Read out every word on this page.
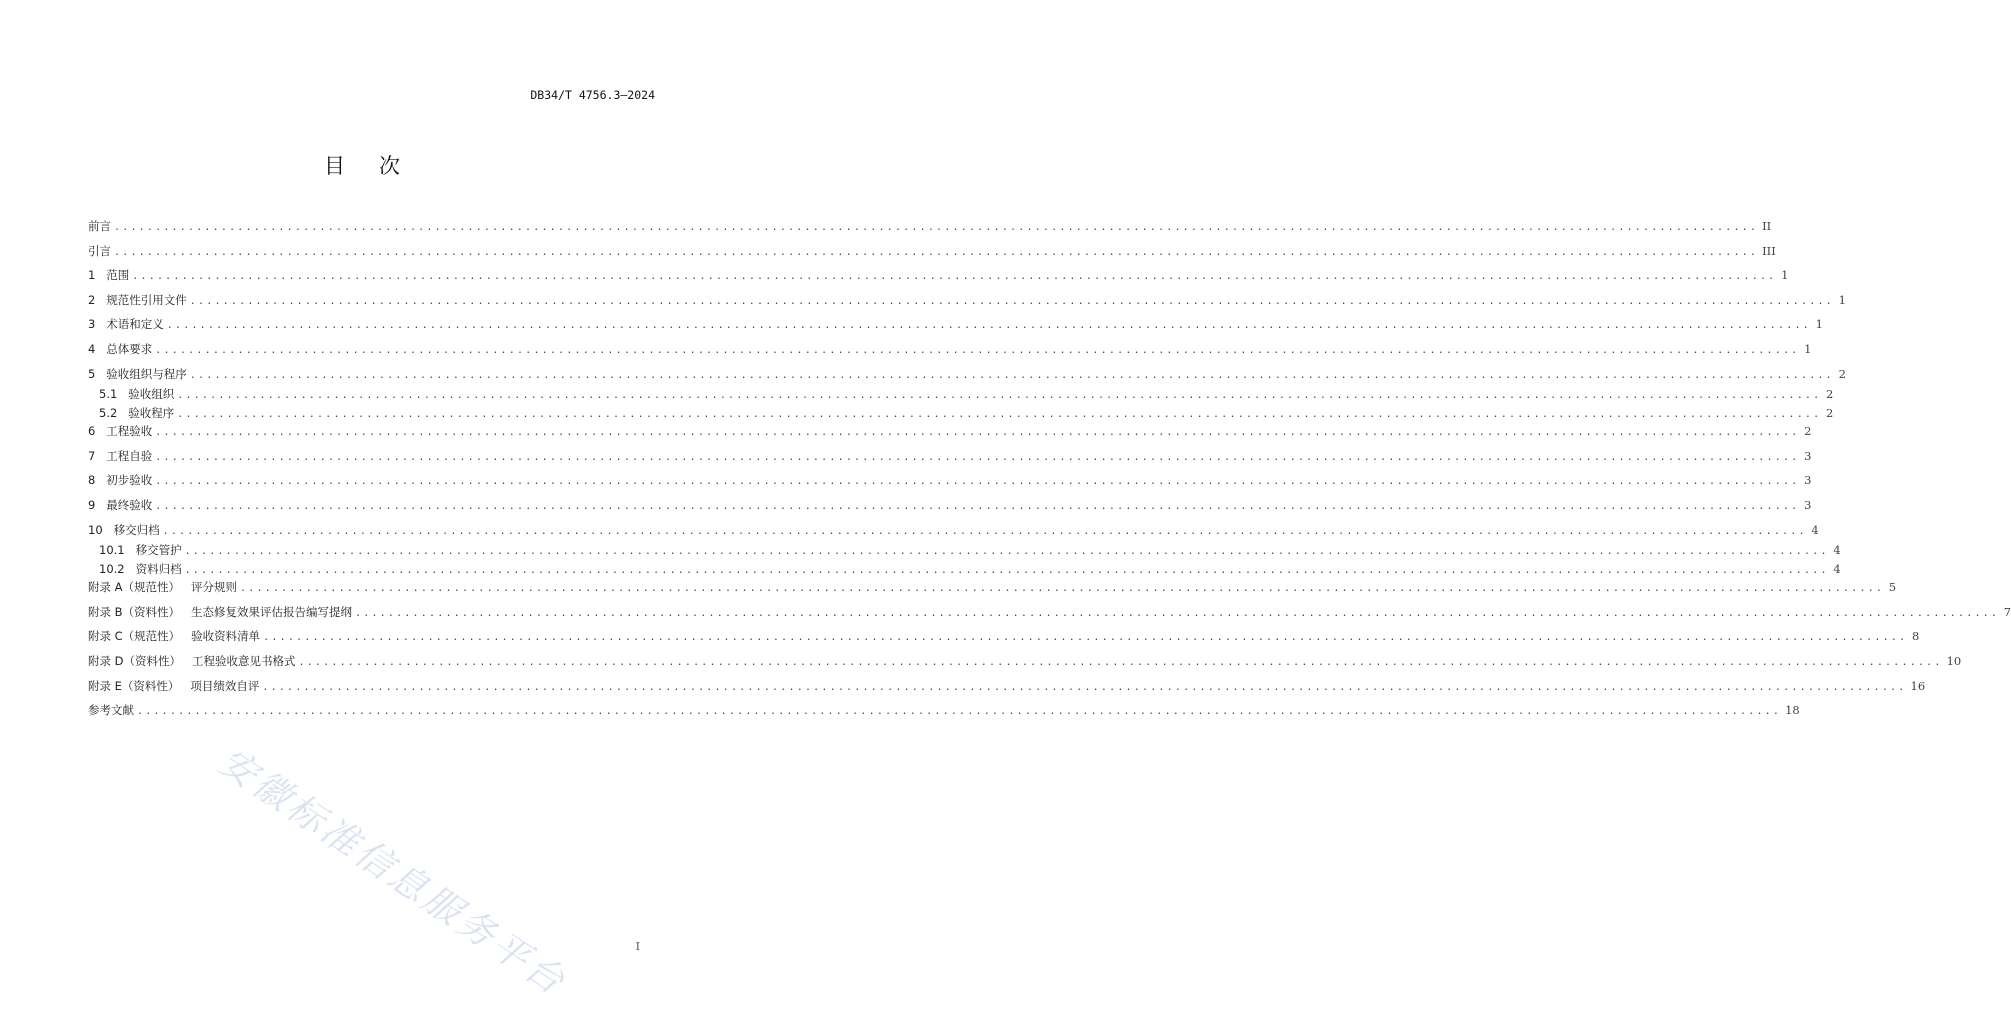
DB34/T 4756.3—2024
目次
前言 ........................................................................................................................................................................................................ II
引言 ........................................................................................................................................................................................................ III
1   范围 ........................................................................................................................................................................................................ 1
2   规范性引用文件 ........................................................................................................................................................................................................ 1
3   术语和定义 ........................................................................................................................................................................................................ 1
4   总体要求 ........................................................................................................................................................................................................ 1
5   验收组织与程序 ........................................................................................................................................................................................................ 2
5.1   验收组织 ........................................................................................................................................................................................................ 2
5.2   验收程序 ........................................................................................................................................................................................................ 2
6   工程验收 ........................................................................................................................................................................................................ 2
7   工程自验 ........................................................................................................................................................................................................ 3
8   初步验收 ........................................................................................................................................................................................................ 3
9   最终验收 ........................................................................................................................................................................................................ 3
10   移交归档 ........................................................................................................................................................................................................ 4
10.1   移交管护 ........................................................................................................................................................................................................ 4
10.2   资料归档 ........................................................................................................................................................................................................ 4
附录 A（规范性）   评分规则 ........................................................................................................................................................................................................ 5
附录 B（资料性）   生态修复效果评估报告编写提纲 ........................................................................................................................................................................................................ 7
附录 C（规范性）   验收资料清单 ........................................................................................................................................................................................................ 8
附录 D（资料性）   工程验收意见书格式 ........................................................................................................................................................................................................ 10
附录 E（资料性）   项目绩效自评 ........................................................................................................................................................................................................ 16
参考文献 ........................................................................................................................................................................................................ 18
安徽标准信息服务平台	I
